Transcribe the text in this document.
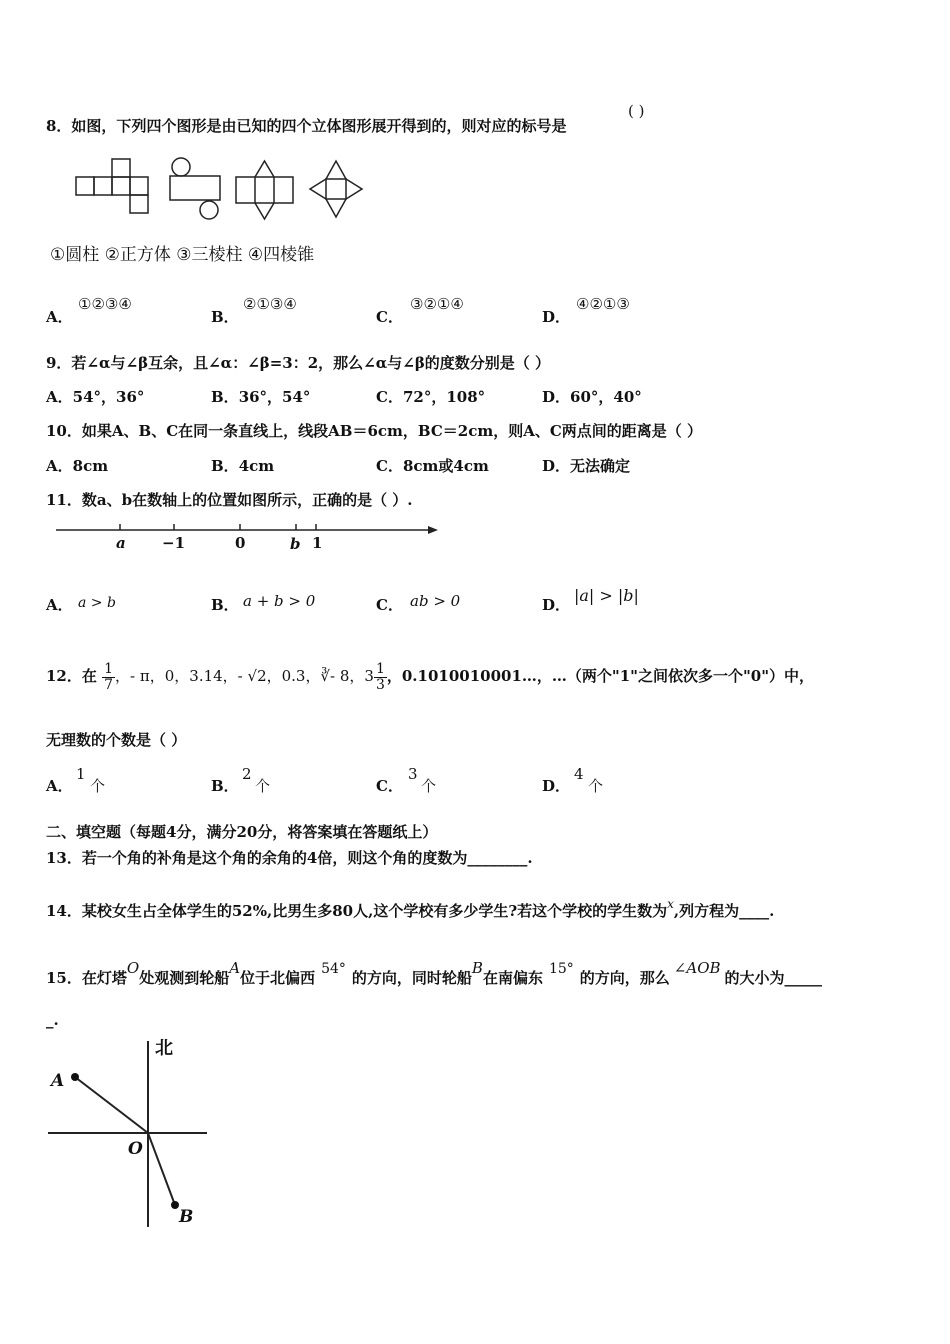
8．如图，下列四个图形是由已知的四个立体图形展开得到的，则对应的标号是
( )
①圆柱 ②正方体 ③三棱柱 ④四棱锥
A．
①②③④
B．
②①③④
C．
③②①④
D．
④②①③
9．若∠α与∠β互余，且∠α：∠β=3：2，那么∠α与∠β的度数分别是（ ）
A．54°，36°	B．36°，54°	C．72°，108°	D．60°，40°
10．如果A、B、C在同一条直线上，线段AB＝6cm，BC＝2cm，则A、C两点间的距离是（ ）
A．8cm	B．4cm	C．8cm或4cm	D．无法确定
11．数a、b在数轴上的位置如图所示，正确的是（ ）.
a −1	0	b 1
A． a > b	B． a + b > 0	C． ab > 0	D． |a| > |b|
12．在 $\frac{1}{7}$ ，- π，0，3.14，- √2，0.3，∛- 8，$3 \frac{1}{3}$ ，0.1010010001…，…（两个"1"之间依次多一个"0"）中，
无理数的个数是（ ）
A．
1
个	B．
2
个	C．
3
个	D．
4
个
二、填空题（每题4分，满分20分，将答案填在答题纸上）
13．若一个角的补角是这个角的余角的4倍，则这个角的度数为________.
14．某校女生占全体学生的52%,比男生多80人,这个学校有多少学生?若这个学校的学生数为$^x$,列方程为____.
15．在灯塔O处观测到轮船A位于北偏西 54° 的方向，同时轮船B在南偏东 15° 的方向，那么∠AOB的大小为_____
_.
北
A
O
B
